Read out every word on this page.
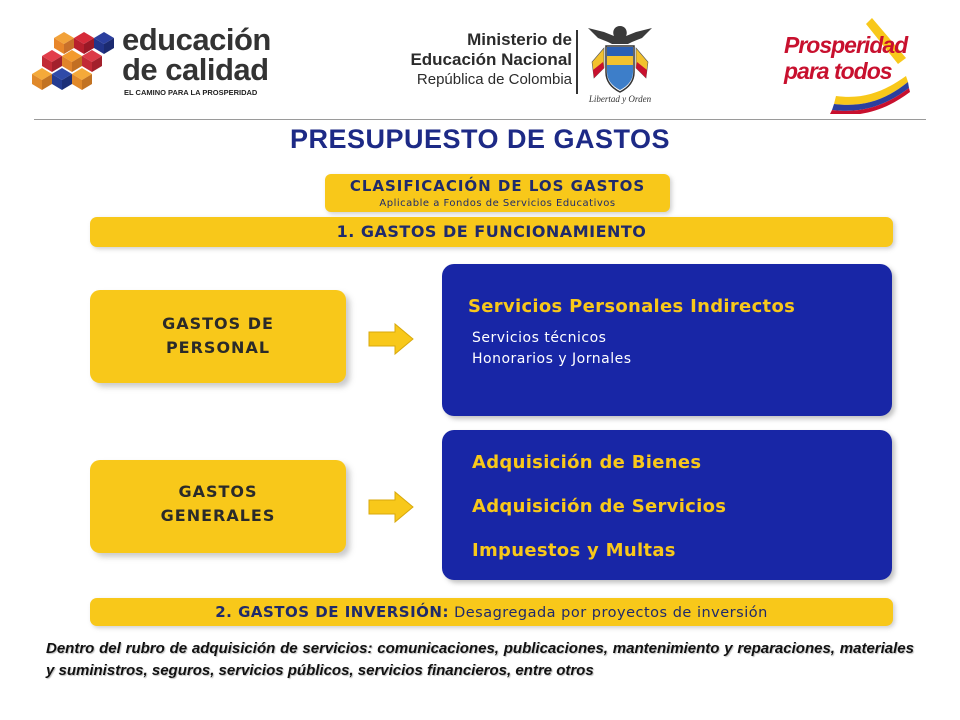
educación
de calidad
EL CAMINO PARA LA PROSPERIDAD
Ministerio de
Educación Nacional
República de Colombia
Libertad y Orden
Prosperidad
para todos
PRESUPUESTO DE GASTOS
CLASIFICACIÓN DE LOS GASTOS
Aplicable a Fondos de Servicios Educativos
1. GASTOS DE FUNCIONAMIENTO
GASTOS DE
PERSONAL
Servicios Personales Indirectos
Servicios técnicos
Honorarios y Jornales
GASTOS
GENERALES
Adquisición de Bienes
Adquisición de Servicios
Impuestos y Multas
2. GASTOS DE INVERSIÓN: Desagregada por proyectos de inversión
Dentro del rubro de adquisición de servicios: comunicaciones, publicaciones, mantenimiento y reparaciones, materiales y suministros, seguros, servicios públicos, servicios financieros, entre otros
